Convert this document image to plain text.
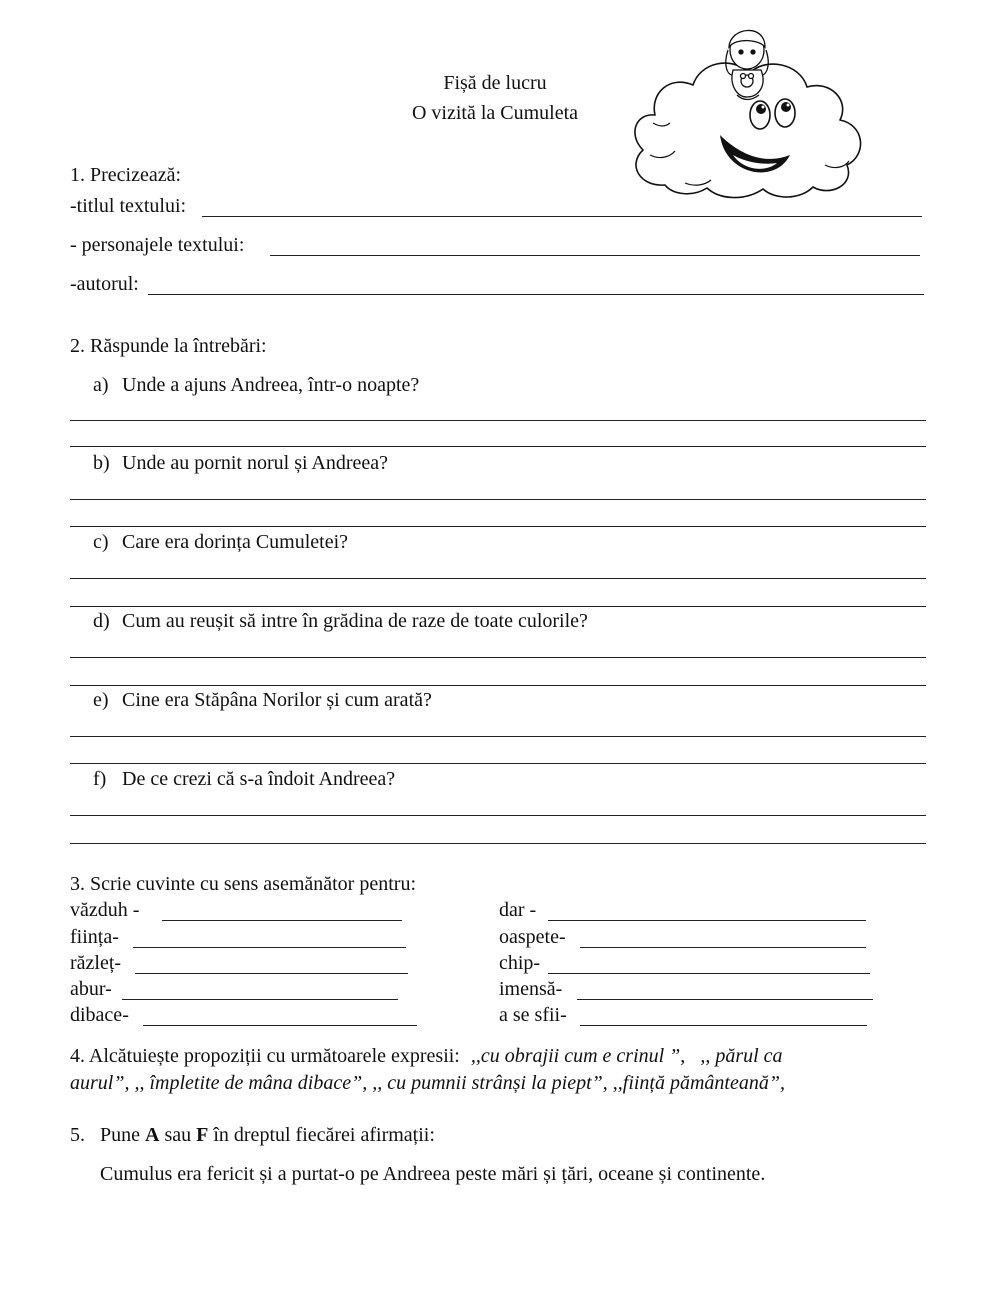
Fișă de lucru
O vizită la Cumuleta
1. Precizează:
-titlul textului:
- personajele textului:
-autorul:
2. Răspunde la întrebări:
a) Unde a ajuns Andreea, într-o noapte?
b) Unde au pornit norul și Andreea?
c) Care era dorința Cumuletei?
d) Cum au reușit să intre în grădina de raze de toate culorile?
e) Cine era Stăpâna Norilor și cum arată?
f) De ce crezi că s-a îndoit Andreea?
3. Scrie cuvinte cu sens asemănător pentru:
văzduh -	dar -
ființa-	oaspete-
răzleț-	chip-
abur-	imensă-
dibace-	a se sfii-
4. Alcătuiește propoziții cu următoarele expresii: ,,cu obrajii cum e crinul ”, ,, părul ca
aurul”, ,, împletite de mâna dibace”, ,, cu pumnii strânși la piept”, ,,ființă pământeană”,
5. Pune A sau F în dreptul fiecărei afirmații:
Cumulus era fericit și a purtat-o pe Andreea peste mări și țări, oceane și continente.
